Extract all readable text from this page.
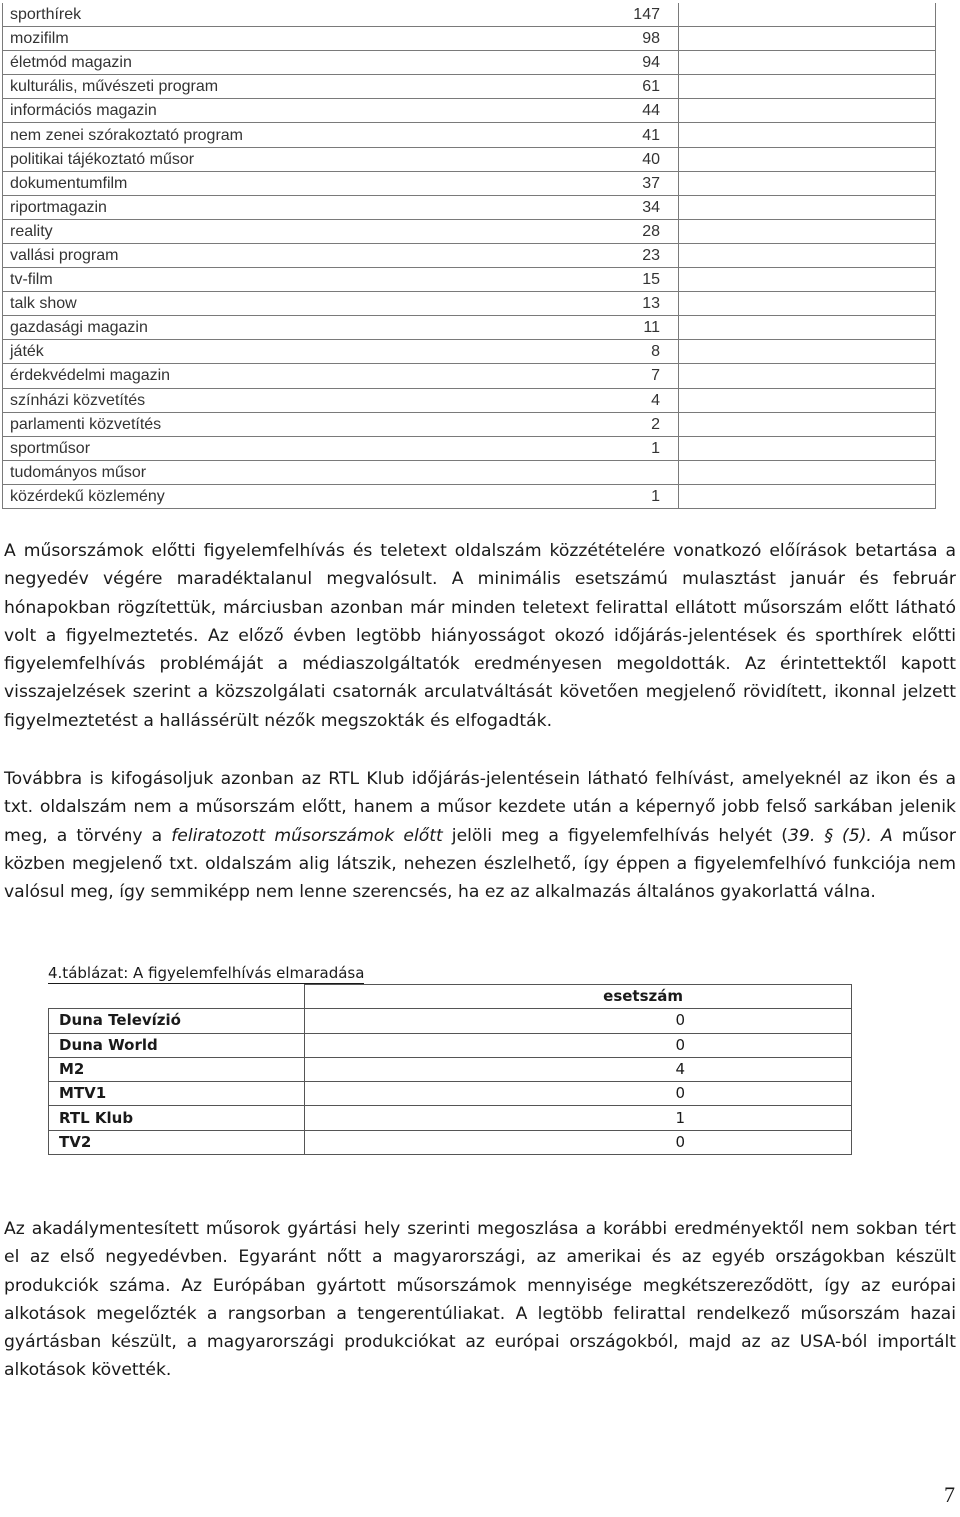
sporthírek	147	
mozifilm	98	
életmód magazin	94	
kulturális, művészeti program	61	
információs magazin	44	
nem zenei szórakoztató program	41	
politikai tájékoztató műsor	40	
dokumentumfilm	37	
riportmagazin	34	
reality	28	
vallási program	23	
tv-film	15	
talk show	13	
gazdasági magazin	11	
játék	8	
érdekvédelmi magazin	7	
színházi közvetítés	4	
parlamenti közvetítés	2	
sportműsor	1	
tudományos műsor		
közérdekű közlemény	1	

A műsorszámok előtti figyelemfelhívás és teletext oldalszám közzétételére vonatkozó előírások betartása a negyedév végére maradéktalanul megvalósult. A minimális esetszámú mulasztást január és február hónapokban rögzítettük, márciusban azonban már minden teletext felirattal ellátott műsorszám előtt látható volt a figyelmeztetés. Az előző évben legtöbb hiányosságot okozó időjárás-jelentések és sporthírek előtti figyelemfelhívás problémáját a médiaszolgáltatók eredményesen megoldották. Az érintettektől kapott visszajelzések szerint a közszolgálati csatornák arculatváltását követően megjelenő rövidített, ikonnal jelzett figyelmeztetést a hallássérült nézők megszokták és elfogadták.

Továbbra is kifogásoljuk azonban az RTL Klub időjárás-jelentésein látható felhívást, amelyeknél az ikon és a txt. oldalszám nem a műsorszám előtt, hanem a műsor kezdete után a képernyő jobb felső sarkában jelenik meg, a törvény a feliratozott műsorszámok előtt jelöli meg a figyelemfelhívás helyét (39. § (5). A műsor közben megjelenő txt. oldalszám alig látszik, nehezen észlelhető, így éppen a figyelemfelhívó funkciója nem valósul meg, így semmiképp nem lenne szerencsés, ha ez az alkalmazás általános gyakorlattá válna.

4.táblázat: A figyelemfelhívás elmaradása
	esetszám
Duna Televízió	0
Duna World	0
M2	4
MTV1	0
RTL Klub	1
TV2	0

Az akadálymentesített műsorok gyártási hely szerinti megoszlása a korábbi eredményektől nem sokban tért el az első negyedévben. Egyaránt nőtt a magyarországi, az amerikai és az egyéb országokban készült produkciók száma. Az Európában gyártott műsorszámok mennyisége megkétszereződött, így az európai alkotások megelőzték a rangsorban a tengerentúliakat. A legtöbb felirattal rendelkező műsorszám hazai gyártásban készült, a magyarországi produkciókat az európai országokból, majd az az USA-ból importált alkotások követték.

7
